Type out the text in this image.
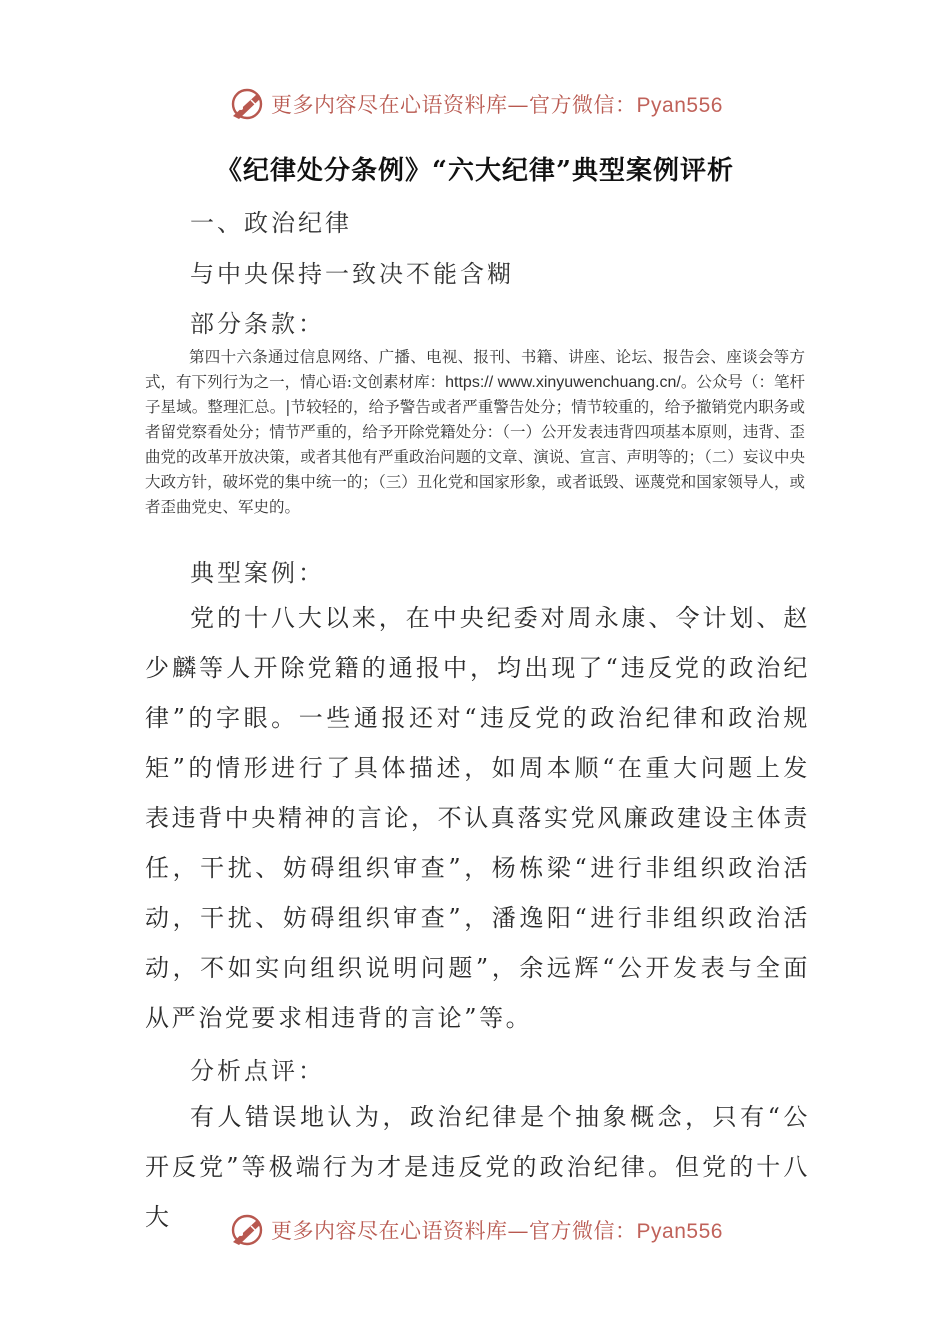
更多内容尽在心语资料库—官方微信：Pyan556
《纪律处分条例》“六大纪律”典型案例评析
一、政治纪律
与中央保持一致决不能含糊
部分条款：
第四十六条通过信息网络、广播、电视、报刊、书籍、讲座、论坛、报告会、座谈会等方式，有下列行为之一，情心语:文创素材库：https:// www.xinyuwenchuang.cn/。公众号（：笔杆子星域。整理汇总。|节较轻的，给予警告或者严重警告处分；情节较重的，给予撤销党内职务或者留党察看处分；情节严重的，给予开除党籍处分：（一）公开发表违背四项基本原则，违背、歪曲党的改革开放决策，或者其他有严重政治问题的文章、演说、宣言、声明等的；（二）妄议中央大政方针，破坏党的集中统一的；（三）丑化党和国家形象，或者诋毁、诬蔑党和国家领导人，或者歪曲党史、军史的。
典型案例：

党的十八大以来，在中央纪委对周永康、令计划、赵少麟等人开除党籍的通报中，均出现了“违反党的政治纪律”的字眼。一些通报还对“违反党的政治纪律和政治规矩”的情形进行了具体描述，如周本顺“在重大问题上发表违背中央精神的言论，不认真落实党风廉政建设主体责任，干扰、妨碍组织审查”，杨栋梁“进行非组织政治活动，干扰、妨碍组织审查”，潘逸阳“进行非组织政治活动，不如实向组织说明问题”，余远辉“公开发表与全面从严治党要求相违背的言论”等。

分析点评：

有人错误地认为，政治纪律是个抽象概念，只有“公开反党”等极端行为才是违反党的政治纪律。但党的十八大	更多内容尽在心语资料库—官方微信：Pyan556
